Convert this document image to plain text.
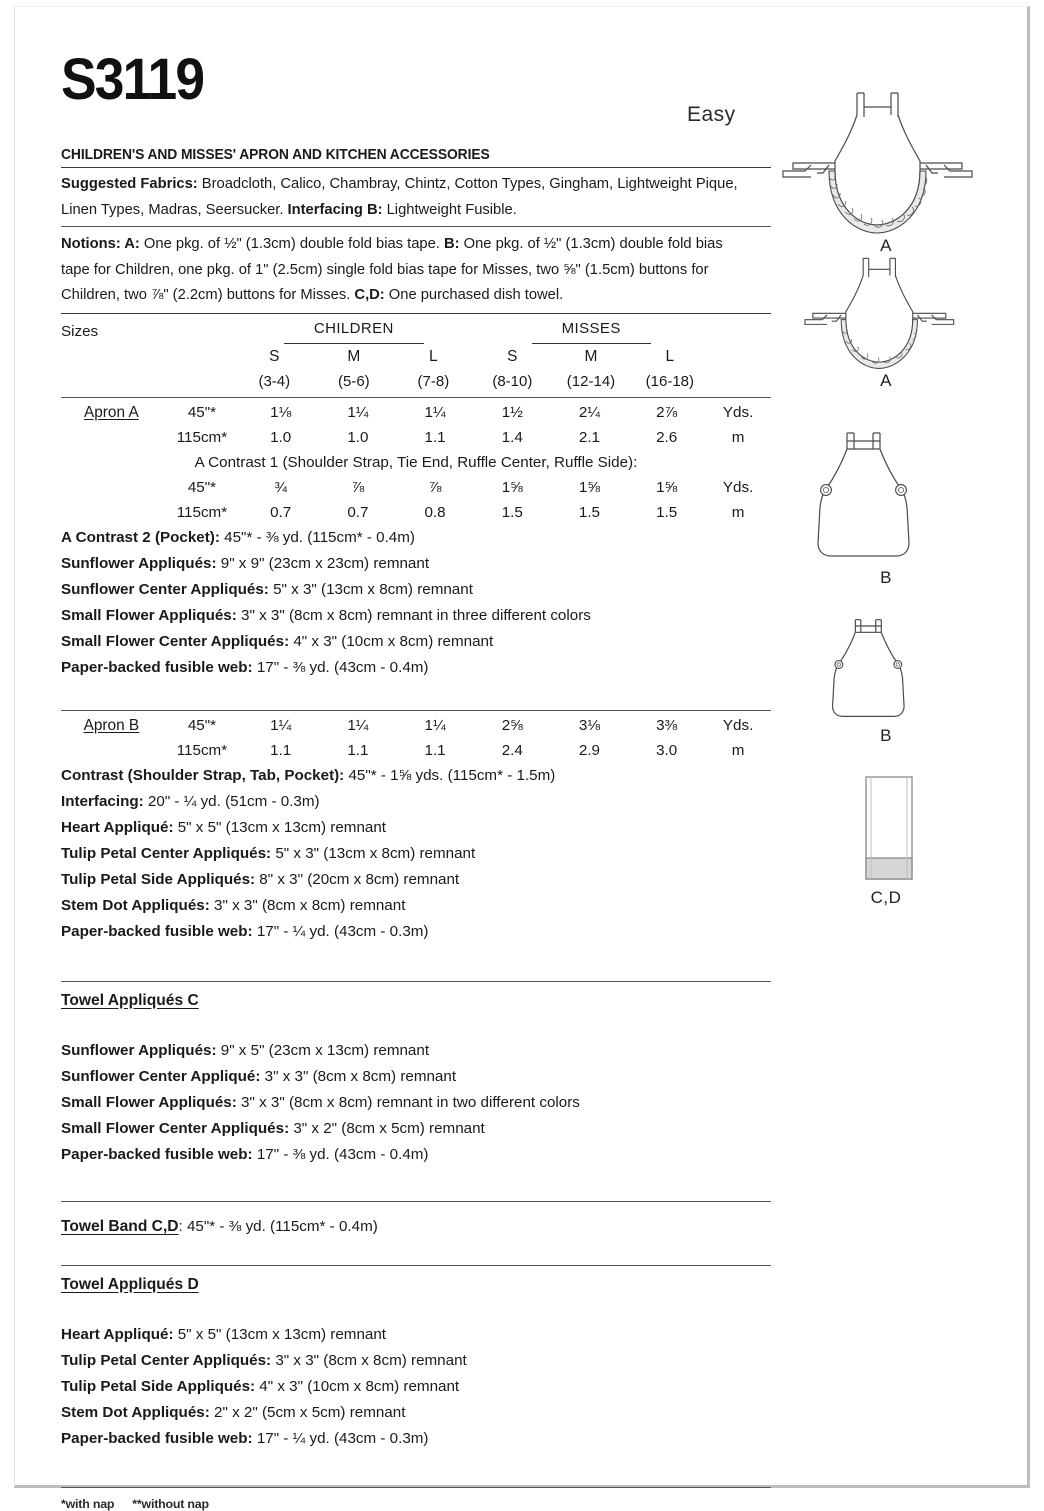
S3119
CHILDREN'S AND MISSES' APRON AND KITCHEN ACCESSORIES
Suggested Fabrics: Broadcloth, Calico, Chambray, Chintz, Cotton Types, Gingham, Lightweight Pique, Linen Types, Madras, Seersucker. Interfacing B: Lightweight Fusible.
Notions: A: One pkg. of ½" (1.3cm) double fold bias tape. B: One pkg. of ½" (1.3cm) double fold bias tape for Children, one pkg. of 1" (2.5cm) single fold bias tape for Misses, two ⅝" (1.5cm) buttons for Children, two ⅞" (2.2cm) buttons for Misses. C,D: One purchased dish towel.
Sizes		CHILDREN			MISSES			
		S	M	L	S	M	L	
		(3-4)	(5-6)	(7-8)	(8-10)	(12-14)	(16-18)	
Apron A	45"*	1⅛	1¼	1¼	1½	2¼	2⅞	Yds.
	115cm*	1.0	1.0	1.1	1.4	2.1	2.6	m
A Contrast 1 (Shoulder Strap, Tie End, Ruffle Center, Ruffle Side):								
	45"*	¾	⅞	⅞	1⅝	1⅝	1⅝	Yds.
	115cm*	0.7	0.7	0.8	1.5	1.5	1.5	m
A Contrast 2 (Pocket): 45"* - ⅜ yd. (115cm* - 0.4m)
Sunflower Appliqués: 9" x 9" (23cm x 23cm) remnant
Sunflower Center Appliqués: 5" x 3" (13cm x 8cm) remnant
Small Flower Appliqués: 3" x 3" (8cm x 8cm) remnant in three different colors
Small Flower Center Appliqués: 4" x 3" (10cm x 8cm) remnant
Paper-backed fusible web: 17" - ⅜ yd. (43cm - 0.4m)
Apron B	45"*	1¼	1¼	1¼	2⅝	3⅛	3⅜	Yds.
	115cm*	1.1	1.1	1.1	2.4	2.9	3.0	m
Contrast (Shoulder Strap, Tab, Pocket): 45"* - 1⅝ yds. (115cm* - 1.5m)
Interfacing: 20" - ¼ yd. (51cm - 0.3m)
Heart Appliqué: 5" x 5" (13cm x 13cm) remnant
Tulip Petal Center Appliqués: 5" x 3" (13cm x 8cm) remnant
Tulip Petal Side Appliqués: 8" x 3" (20cm x 8cm) remnant
Stem Dot Appliqués: 3" x 3" (8cm x 8cm) remnant
Paper-backed fusible web: 17" - ¼ yd. (43cm - 0.3m)
Towel Appliqués C
Sunflower Appliqués: 9" x 5" (23cm x 13cm) remnant
Sunflower Center Appliqué: 3" x 3" (8cm x 8cm) remnant
Small Flower Appliqués: 3" x 3" (8cm x 8cm) remnant in two different colors
Small Flower Center Appliqués: 3" x 2" (8cm x 5cm) remnant
Paper-backed fusible web: 17" - ⅜ yd. (43cm - 0.4m)
Towel Band C,D: 45"* - ⅜ yd. (115cm* - 0.4m)
Towel Appliqués D
Heart Appliqué: 5" x 5" (13cm x 13cm) remnant
Tulip Petal Center Appliqués: 3" x 3" (8cm x 8cm) remnant
Tulip Petal Side Appliqués: 4" x 3" (10cm x 8cm) remnant
Stem Dot Appliqués: 2" x 2" (5cm x 5cm) remnant
Paper-backed fusible web: 17" - ¼ yd. (43cm - 0.3m)
*with nap **without nap
Easy
A
A
B
B
C,D
